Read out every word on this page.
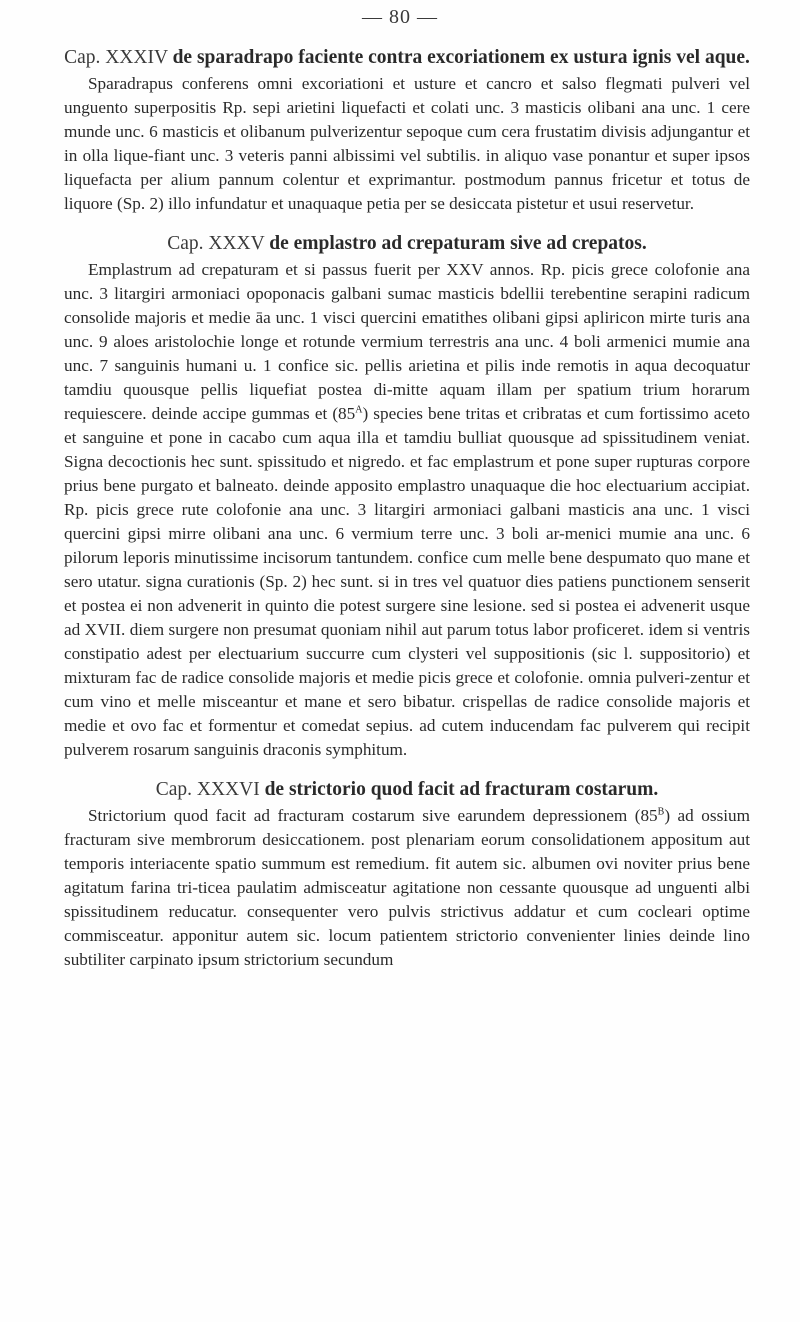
— 80 —
Cap. XXXIV de sparadrapo faciente contra excoriationem ex ustura ignis vel aque.

Sparadrapus conferens omni excoriationi et usture et cancro et salso flegmati pulveri vel unguento superpositis Rp. sepi arietini liquefacti et colati unc. 3 masticis olibani ana unc. 1 cere munde unc. 6 masticis et olibanum pulverizentur sepoque cum cera frustatim divisis adjungantur et in olla lique-fiant unc. 3 veteris panni albissimi vel subtilis. in aliquo vase ponantur et super ipsos liquefacta per alium pannum colentur et exprimantur. postmodum pannus fricetur et totus de liquore (Sp. 2) illo infundatur et unaquaque petia per se desiccata pistetur et usui reservetur.

Cap. XXXV de emplastro ad crepaturam sive ad crepatos.

Emplastrum ad crepaturam et si passus fuerit per XXV annos. Rp. picis grece colofonie ana unc. 3 litargiri armoniaci opoponacis galbani sumac masticis bdellii terebentine serapini radicum consolide majoris et medie āa unc. 1 visci quercini ematithes olibani gipsi apliricon mirte turis ana unc. 9 aloes aristolochie longe et rotunde vermium terrestris ana unc. 4 boli armenici mumie ana unc. 7 sanguinis humani u. 1 confice sic. pellis arietina et pilis inde remotis in aqua decoquatur tamdiu quousque pellis liquefiat postea di-mitte aquam illam per spatium trium horarum requiescere. deinde accipe gummas et $(85^A)$ species bene tritas et cribratas et cum fortissimo aceto et sanguine et pone in cacabo cum aqua illa et tamdiu bulliat quousque ad spissitudinem veniat. Signa decoctionis hec sunt. spissitudo et nigredo. et fac emplastrum et pone super rupturas corpore prius bene purgato et balneato. deinde apposito emplastro unaquaque die hoc electuarium accipiat. Rp. picis grece rute colofonie ana unc. 3 litargiri armoniaci galbani masticis ana unc. 1 visci quercini gipsi mirre olibani ana unc. 6 vermium terre unc. 3 boli ar-menici mumie ana unc. 6 pilorum leporis minutissime incisorum tantundem. confice cum melle bene despumato quo mane et sero utatur. signa curationis (Sp. 2) hec sunt. si in tres vel quatuor dies patiens punctionem senserit et postea ei non advenerit in quinto die potest surgere sine lesione. sed si postea ei advenerit usque ad XVII. diem surgere non presumat quoniam nihil aut parum totus labor proficeret. idem si ventris constipatio adest per electuarium succurre cum clysteri vel suppositionis (sic l. suppositorio) et mixturam fac de radice consolide majoris et medie picis grece et colofonie. omnia pulveri-zentur et cum vino et melle misceantur et mane et sero bibatur. crispellas de radice consolide majoris et medie et ovo fac et formentur et comedat sepius. ad cutem inducendam fac pulverem qui recipit pulverem rosarum sanguinis draconis symphitum.

Cap. XXXVI de strictorio quod facit ad fracturam costarum.

Strictorium quod facit ad fracturam costarum sive earundem depressionem $(85^B)$ ad ossium fracturam sive membrorum desiccationem. post plenariam eorum consolidationem appositum aut temporis interiacente spatio summum est remedium. fit autem sic. albumen ovi noviter prius bene agitatum farina tri-ticea paulatim admisceatur agitatione non cessante quousque ad unguenti albi spissitudinem reducatur. consequenter vero pulvis strictivus addatur et cum cocleari optime commisceatur. apponitur autem sic. locum patientem strictorio convenienter linies deinde lino subtiliter carpinato ipsum strictorium secundum
